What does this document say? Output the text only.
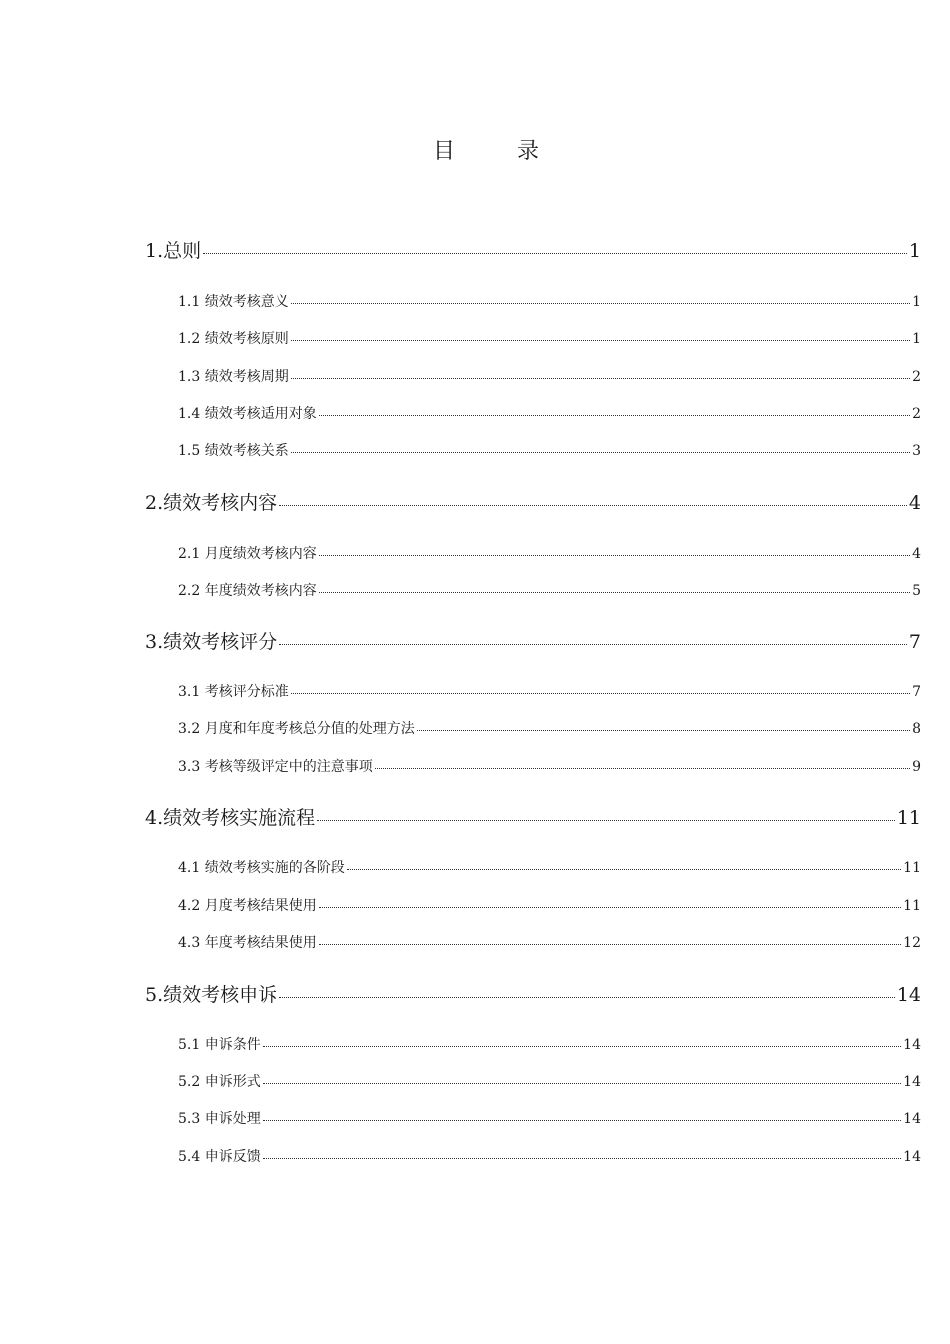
目　录
1.总则	1
1.1 绩效考核意义	1
1.2 绩效考核原则	1
1.3 绩效考核周期	2
1.4 绩效考核适用对象	2
1.5 绩效考核关系	3
2.绩效考核内容	4
2.1 月度绩效考核内容	4
2.2 年度绩效考核内容	5
3.绩效考核评分	7
3.1 考核评分标准	7
3.2 月度和年度考核总分值的处理方法	8
3.3 考核等级评定中的注意事项	9
4.绩效考核实施流程	11
4.1 绩效考核实施的各阶段	11
4.2 月度考核结果使用	11
4.3 年度考核结果使用	12
5.绩效考核申诉	14
5.1 申诉条件	14
5.2 申诉形式	14
5.3 申诉处理	14
5.4 申诉反馈	14
